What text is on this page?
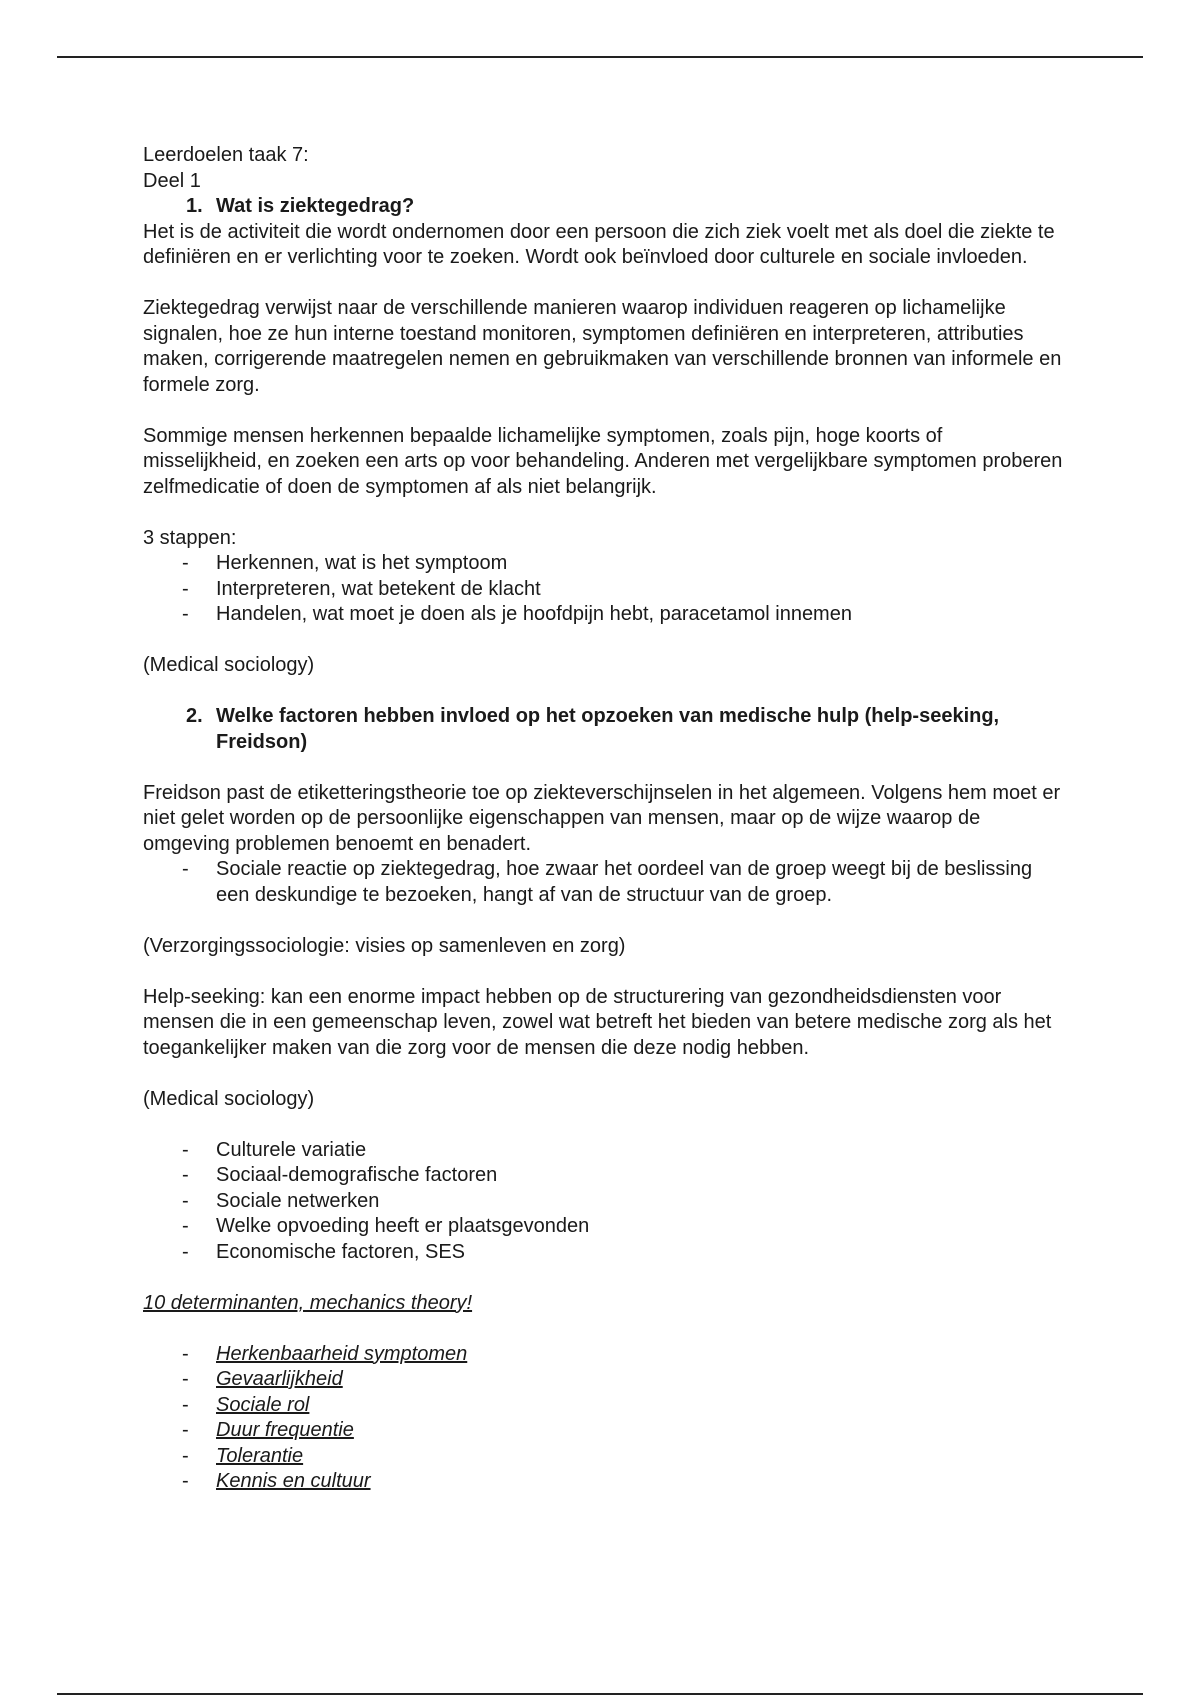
Leerdoelen taak 7:

Deel 1

1. Wat is ziektegedrag?

Het is de activiteit die wordt ondernomen door een persoon die zich ziek voelt met als doel die ziekte te definiëren en er verlichting voor te zoeken. Wordt ook beïnvloed door culturele en sociale invloeden.

Ziektegedrag verwijst naar de verschillende manieren waarop individuen reageren op lichamelijke signalen, hoe ze hun interne toestand monitoren, symptomen definiëren en interpreteren, attributies maken, corrigerende maatregelen nemen en gebruikmaken van verschillende bronnen van informele en formele zorg.

Sommige mensen herkennen bepaalde lichamelijke symptomen, zoals pijn, hoge koorts of misselijkheid, en zoeken een arts op voor behandeling. Anderen met vergelijkbare symptomen proberen zelfmedicatie of doen de symptomen af als niet belangrijk.

3 stappen:

-	Herkennen, wat is het symptoom
-	Interpreteren, wat betekent de klacht
-	Handelen, wat moet je doen als je hoofdpijn hebt, paracetamol innemen

(Medical sociology)

2. Welke factoren hebben invloed op het opzoeken van medische hulp (help-seeking, Freidson)

Freidson past de etiketteringstheorie toe op ziekteverschijnselen in het algemeen. Volgens hem moet er niet gelet worden op de persoonlijke eigenschappen van mensen, maar op de wijze waarop de omgeving problemen benoemt en benadert.

-	Sociale reactie op ziektegedrag, hoe zwaar het oordeel van de groep weegt bij de beslissing een deskundige te bezoeken, hangt af van de structuur van de groep.

(Verzorgingssociologie: visies op samenleven en zorg)

Help-seeking: kan een enorme impact hebben op de structurering van gezondheidsdiensten voor mensen die in een gemeenschap leven, zowel wat betreft het bieden van betere medische zorg als het toegankelijker maken van die zorg voor de mensen die deze nodig hebben.

(Medical sociology)

-	Culturele variatie
-	Sociaal-demografische factoren
-	Sociale netwerken
-	Welke opvoeding heeft er plaatsgevonden
-	Economische factoren, SES

10 determinanten, mechanics theory!

-	Herkenbaarheid symptomen
-	Gevaarlijkheid
-	Sociale rol
-	Duur frequentie
-	Tolerantie
-	Kennis en cultuur
